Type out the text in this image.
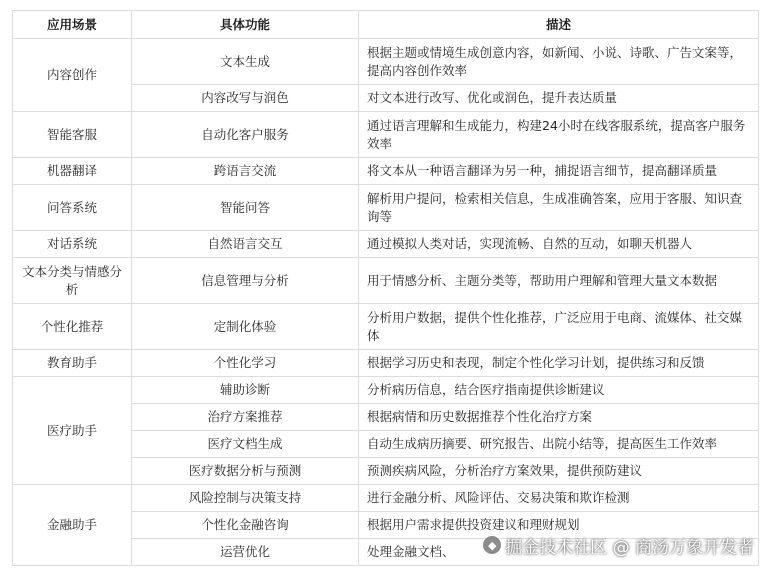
应用场景	具体功能	描述
内容创作	文本生成	根据主题或情境生成创意内容，如新闻、小说、诗歌、广告文案等，提高内容创作效率
	内容改写与润色	对文本进行改写、优化或润色，提升表达质量
智能客服	自动化客户服务	通过语言理解和生成能力，构建24小时在线客服系统，提高客户服务效率
机器翻译	跨语言交流	将文本从一种语言翻译为另一种，捕捉语言细节，提高翻译质量
问答系统	智能问答	解析用户提问，检索相关信息，生成准确答案，应用于客服、知识查询等
对话系统	自然语言交互	通过模拟人类对话，实现流畅、自然的互动，如聊天机器人
文本分类与情感分析	信息管理与分析	用于情感分析、主题分类等，帮助用户理解和管理大量文本数据
个性化推荐	定制化体验	分析用户数据，提供个性化推荐，广泛应用于电商、流媒体、社交媒体
教育助手	个性化学习	根据学习历史和表现，制定个性化学习计划，提供练习和反馈
医疗助手	辅助诊断	分析病历信息，结合医疗指南提供诊断建议
	治疗方案推荐	根据病情和历史数据推荐个性化治疗方案
	医疗文档生成	自动生成病历摘要、研究报告、出院小结等，提高医生工作效率
	医疗数据分析与预测	预测疾病风险，分析治疗方案效果，提供预防建议
金融助手	风险控制与决策支持	进行金融分析、风险评估、交易决策和欺诈检测
	个性化金融咨询	根据用户需求提供投资建议和理财规划
	运营优化	处理金融文档、	◆ 掘金技术社区 @ 商汤万象开发者
